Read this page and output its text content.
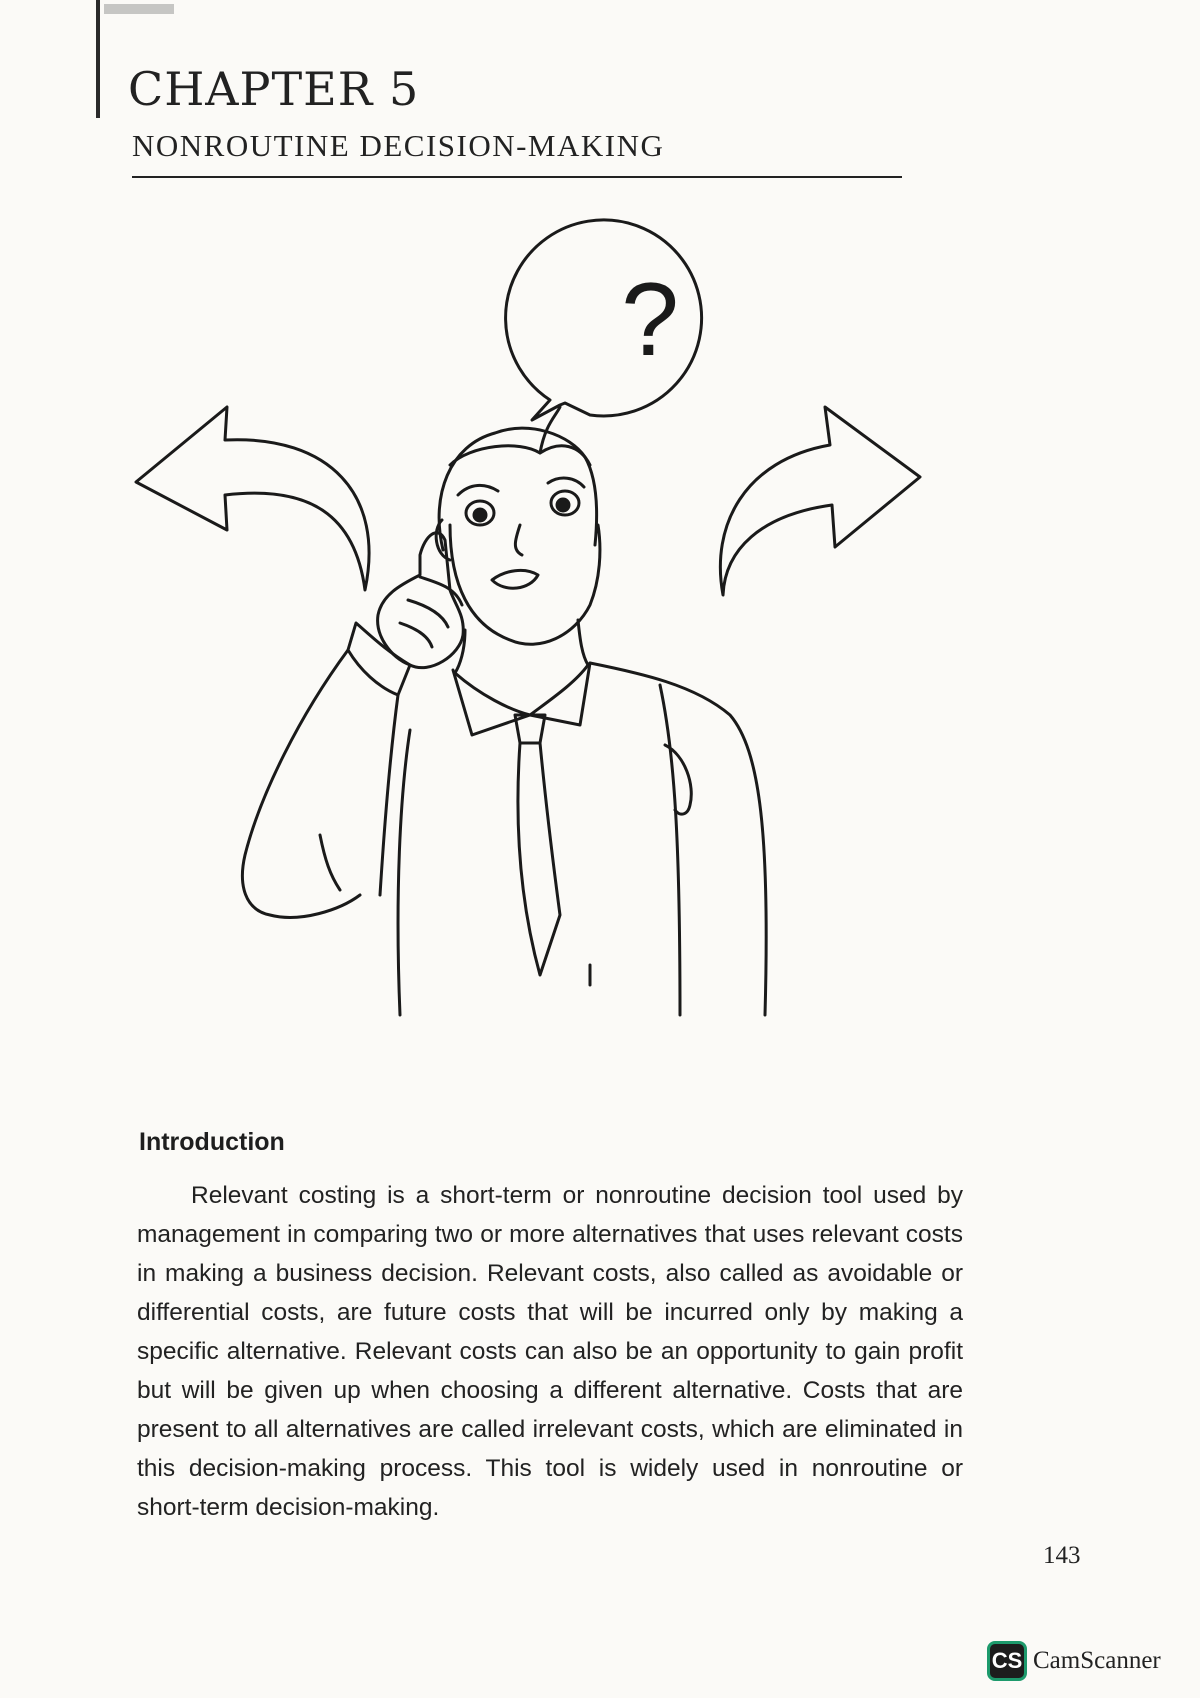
CHAPTER 5
NONROUTINE DECISION-MAKING
?
Introduction

Relevant costing is a short-term or nonroutine decision tool used by management in comparing two or more alternatives that uses relevant costs in making a business decision. Relevant costs, also called as avoidable or differential costs, are future costs that will be incurred only by making a specific alternative. Relevant costs can also be an opportunity to gain profit but will be given up when choosing a different alternative. Costs that are present to all alternatives are called irrelevant costs, which are eliminated in this decision-making process. This tool is widely used in nonroutine or short-term decision-making.

143
CS CamScanner
